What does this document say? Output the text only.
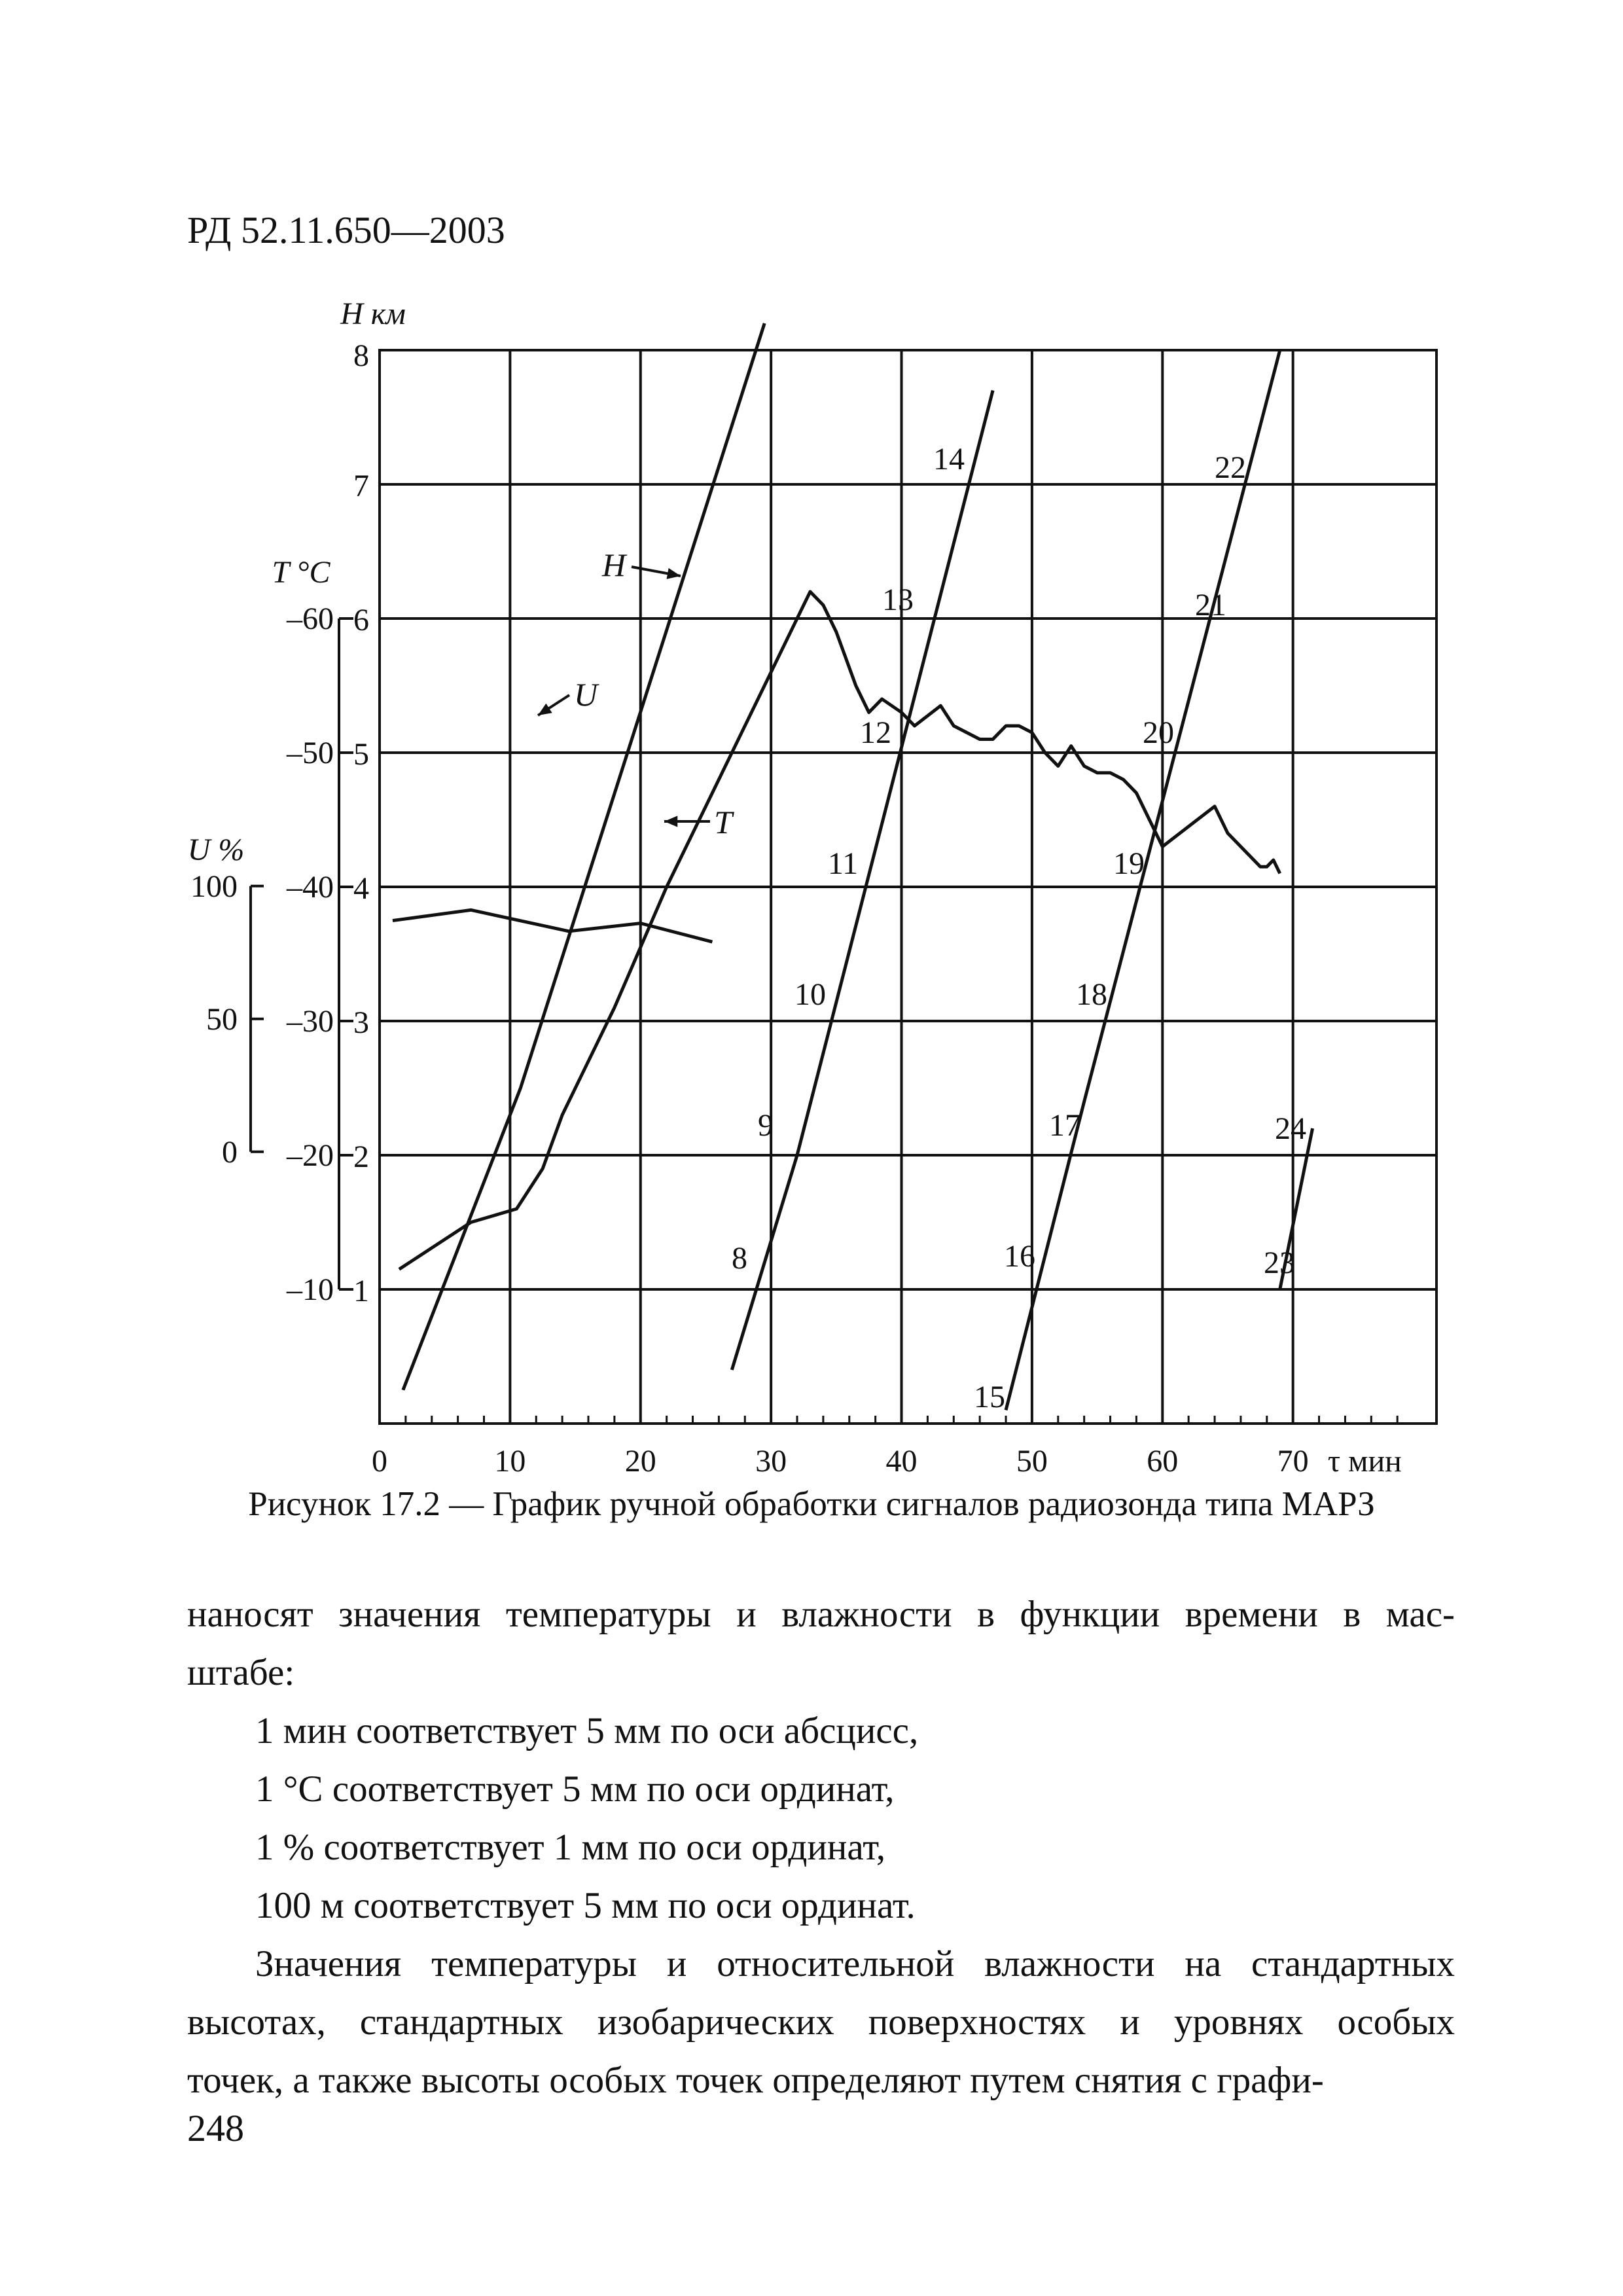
РД 52.11.650—2003
0	10	20	30	40	50	60	70 τ мин
1
2
3
4
5
6
7
8
H км
–10
–20
–30
–40
–50
–60
T °C
0
50
100
U %
H
T
U
8
9
10
11
12
13
14
15
16
17
18
19
20
21
22
23
24
Рисунок 17.2 — График ручной обработки сигналов радиозонда типа МАРЗ

наносят значения температуры и влажности в функции времени в мас-

штабе:

1 мин соответствует 5 мм по оси абсцисс,

1 °С соответствует 5 мм по оси ординат,

1 % соответствует 1 мм по оси ординат,

100 м соответствует 5 мм по оси ординат.

Значения температуры и относительной влажности на стандартных

высотах, стандартных изобарических поверхностях и уровнях особых

точек, а также высоты особых точек определяют путем снятия с графи-

248
